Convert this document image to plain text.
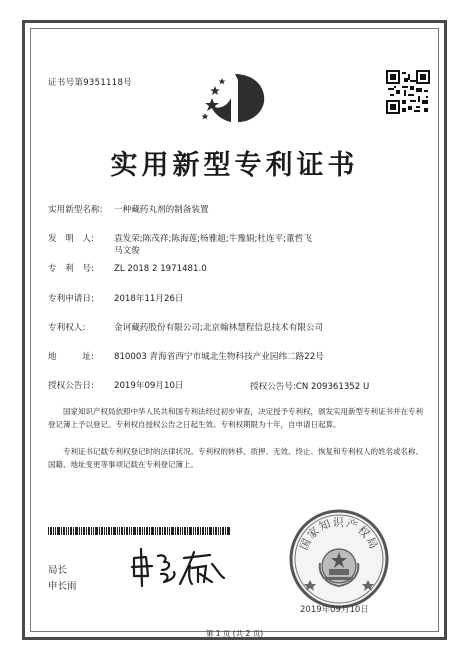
证书号第9351118号
实用新型专利证书
实用新型名称: 一种藏药丸剂的制备装置
发　明　人: 袁发荣;陈茂祥;陈海莲;杨雅超;牛豫娟;杜连平;董哲飞
马文俊
专　利　号: ZL 2018 2 1971481.0
专利申请日: 2018年11月26日
专利权人:	金诃藏药股份有限公司;北京翰林慧程信息技术有限公司
地　　　址: 810003 青海省西宁市城北生物科技产业园纬二路22号
授权公告日: 2019年09月10日	授权公告号:CN 209361352 U
国家知识产权局依照中华人民共和国专利法经过初步审查，决定授予专利权，颁发实用新型专利证书并在专利登记簿上予以登记。专利权自授权公告之日起生效。专利权期限为十年，自申请日起算。
专利证书记载专利权登记时的法律状况。专利权的转移、质押、无效、终止、恢复和专利权人的姓名或名称、国籍、地址变更等事项记载在专利登记簿上。
局长
申长雨
国家知识产权局
2019年09月10日
第 1 页 (共 2 页)
